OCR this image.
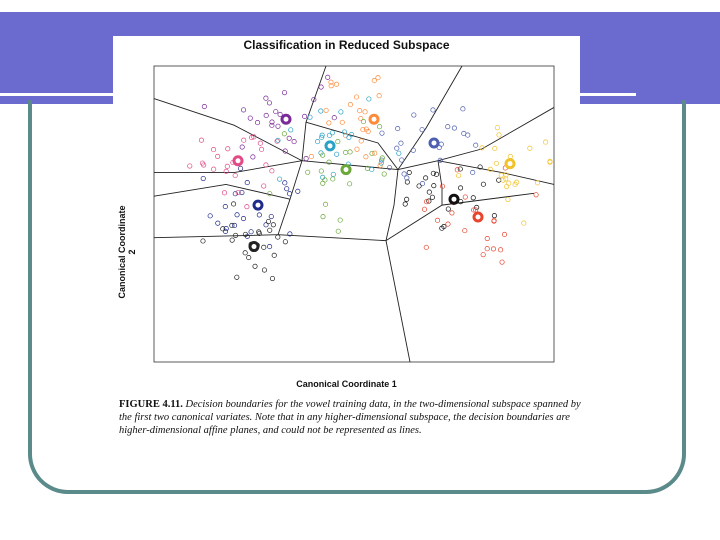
Classification in Reduced Subspace
Canonical Coordinate 2
Canonical Coordinate 1
FIGURE 4.11. Decision boundaries for the vowel training data, in the two-dimensional subspace spanned by the first two canonical variates. Note that in any higher-dimensional subspace, the decision boundaries are higher-dimensional affine planes, and could not be represented as lines.
